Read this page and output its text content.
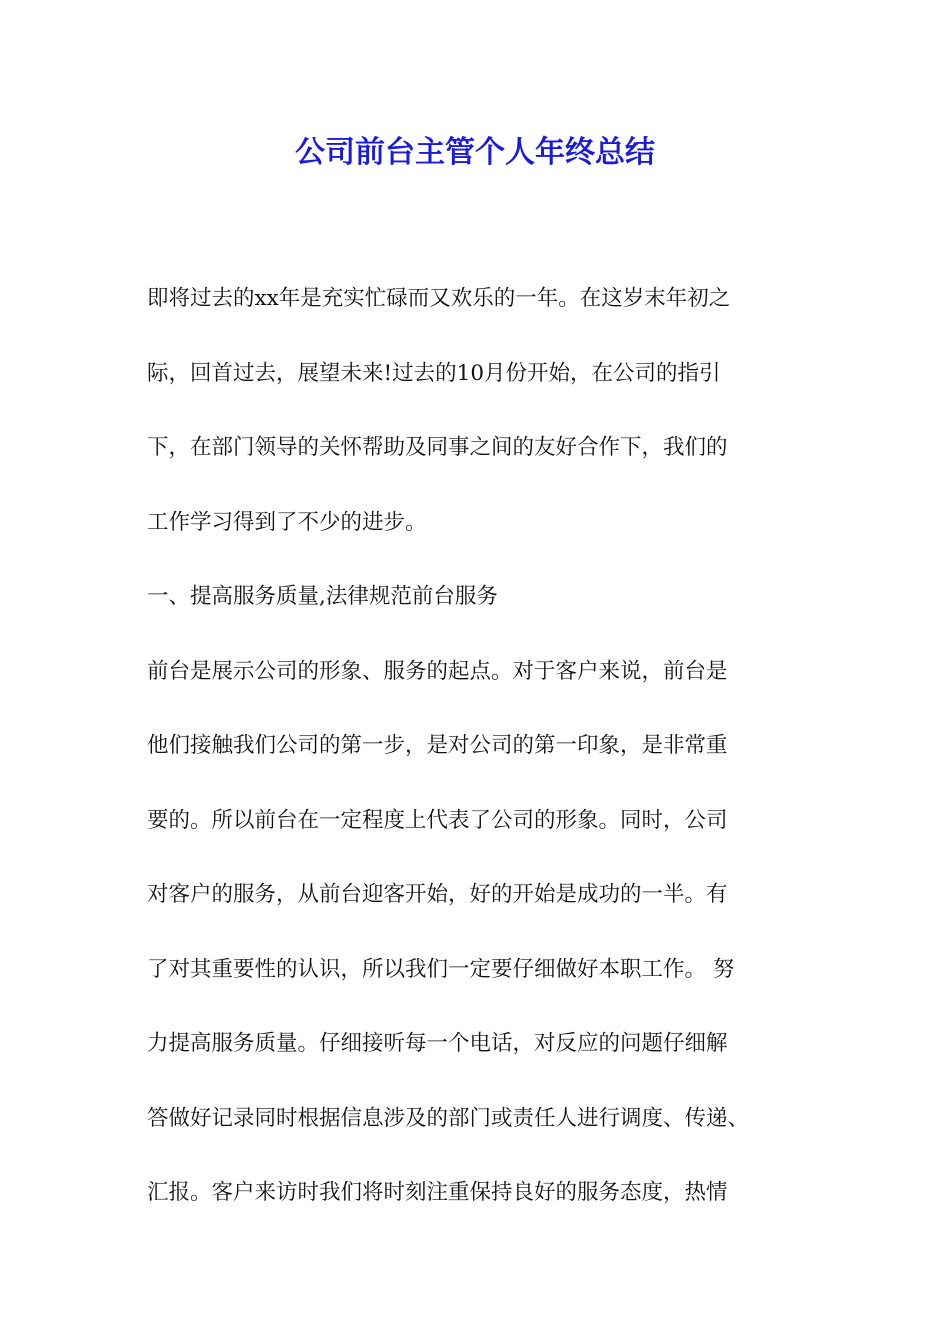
公司前台主管个人年终总结
即将过去的xx年是充实忙碌而又欢乐的一年。在这岁末年初之
际，回首过去，展望未来!过去的10月份开始，在公司的指引
下，在部门领导的关怀帮助及同事之间的友好合作下，我们的
工作学习得到了不少的进步。
一、提高服务质量,法律规范前台服务
前台是展示公司的形象、服务的起点。对于客户来说，前台是
他们接触我们公司的第一步，是对公司的第一印象，是非常重
要的。所以前台在一定程度上代表了公司的形象。同时，公司
对客户的服务，从前台迎客开始，好的开始是成功的一半。有
了对其重要性的认识，所以我们一定要仔细做好本职工作。 努
力提高服务质量。仔细接听每一个电话，对反应的问题仔细解
答做好记录同时根据信息涉及的部门或责任人进行调度、传递、
汇报。客户来访时我们将时刻注重保持良好的服务态度，热情
